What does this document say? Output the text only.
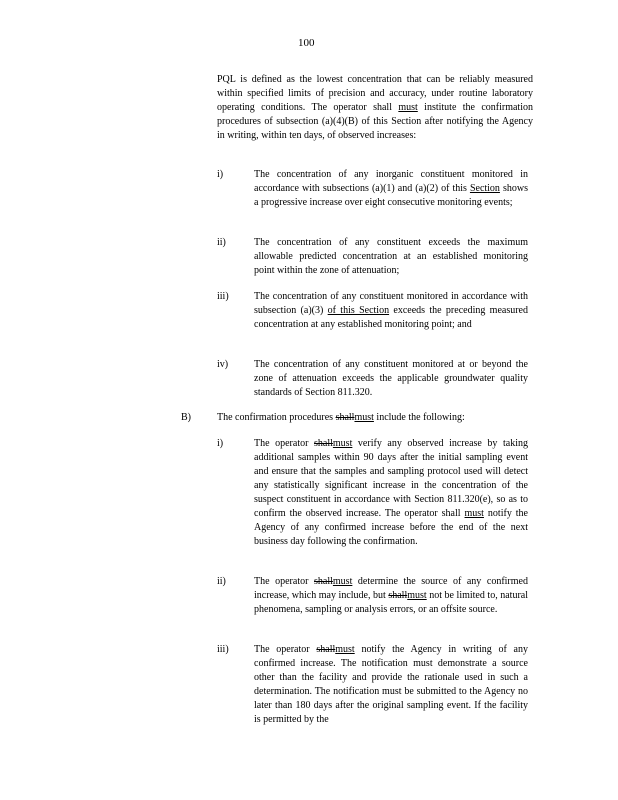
100
PQL is defined as the lowest concentration that can be reliably measured within specified limits of precision and accuracy, under routine laboratory operating conditions. The operator shall must institute the confirmation procedures of subsection (a)(4)(B) of this Section after notifying the Agency in writing, within ten days, of observed increases:
i)	The concentration of any inorganic constituent monitored in accordance with subsections (a)(1) and (a)(2) of this Section shows a progressive increase over eight consecutive monitoring events;
ii)	The concentration of any constituent exceeds the maximum allowable predicted concentration at an established monitoring point within the zone of attenuation;
iii)	The concentration of any constituent monitored in accordance with subsection (a)(3) of this Section exceeds the preceding measured concentration at any established monitoring point; and
iv)	The concentration of any constituent monitored at or beyond the zone of attenuation exceeds the applicable groundwater quality standards of Section 811.320.
B)	The confirmation procedures shallmust include the following:
i)	The operator shallmust verify any observed increase by taking additional samples within 90 days after the initial sampling event and ensure that the samples and sampling protocol used will detect any statistically significant increase in the concentration of the suspect constituent in accordance with Section 811.320(e), so as to confirm the observed increase. The operator shall must notify the Agency of any confirmed increase before the end of the next business day following the confirmation.
ii)	The operator shallmust determine the source of any confirmed increase, which may include, but shallmust not be limited to, natural phenomena, sampling or analysis errors, or an offsite source.
iii)	The operator shallmust notify the Agency in writing of any confirmed increase. The notification must demonstrate a source other than the facility and provide the rationale used in such a determination. The notification must be submitted to the Agency no later than 180 days after the original sampling event. If the facility is permitted by the
